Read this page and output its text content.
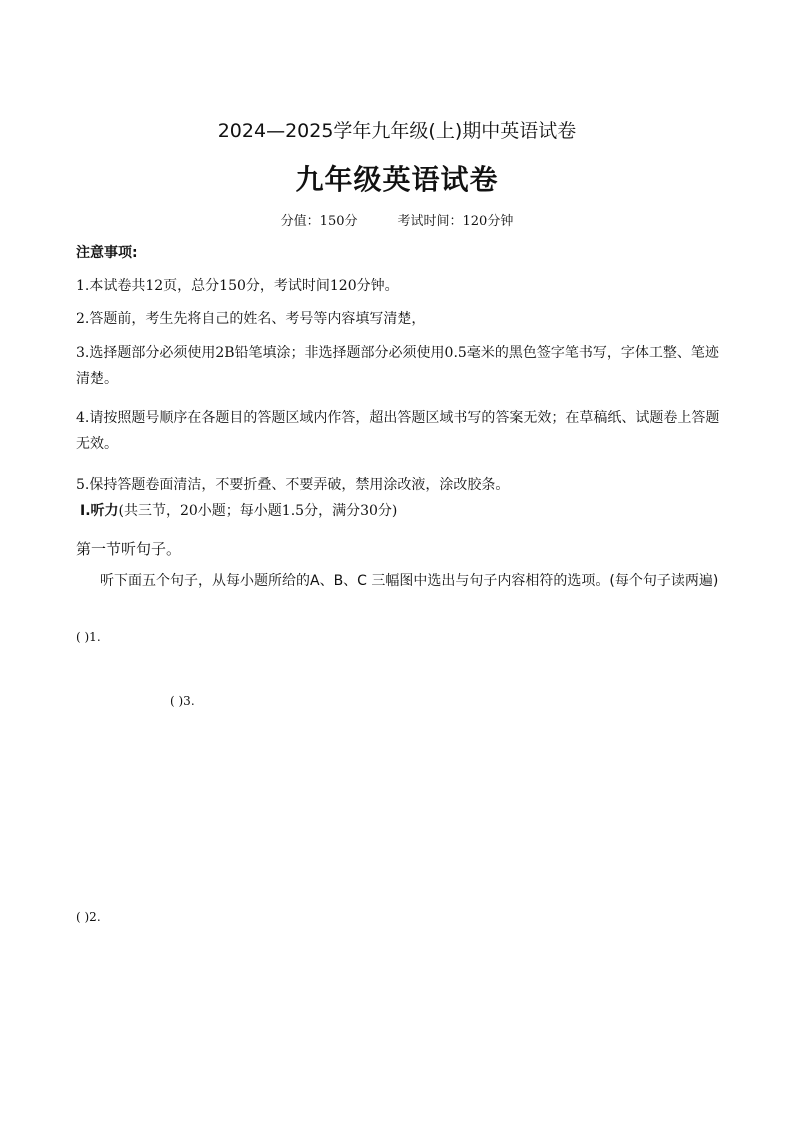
2024—2025学年九年级(上)期中英语试卷
九年级英语试卷
分值：150分	考试时间：120分钟
注意事项:
1.本试卷共12页，总分150分，考试时间120分钟。
2.答题前，考生先将自己的姓名、考号等内容填写清楚，
3.选择题部分必须使用2B铅笔填涂；非选择题部分必须使用0.5毫米的黑色签字笔书写，字体工整、笔迹清楚。
4.请按照题号顺序在各题目的答题区域内作答，超出答题区域书写的答案无效；在草稿纸、试题卷上答题无效。
5.保持答题卷面清洁，不要折叠、不要弄破，禁用涂改液，涂改胶条。
I.听力(共三节，20小题；每小题1.5分，满分30分)
第一节听句子。
听下面五个句子，从每小题所给的A、B、C 三幅图中选出与句子内容相符的选项。(每个句子读两遍)
( )1.
( )3.
( )2.
